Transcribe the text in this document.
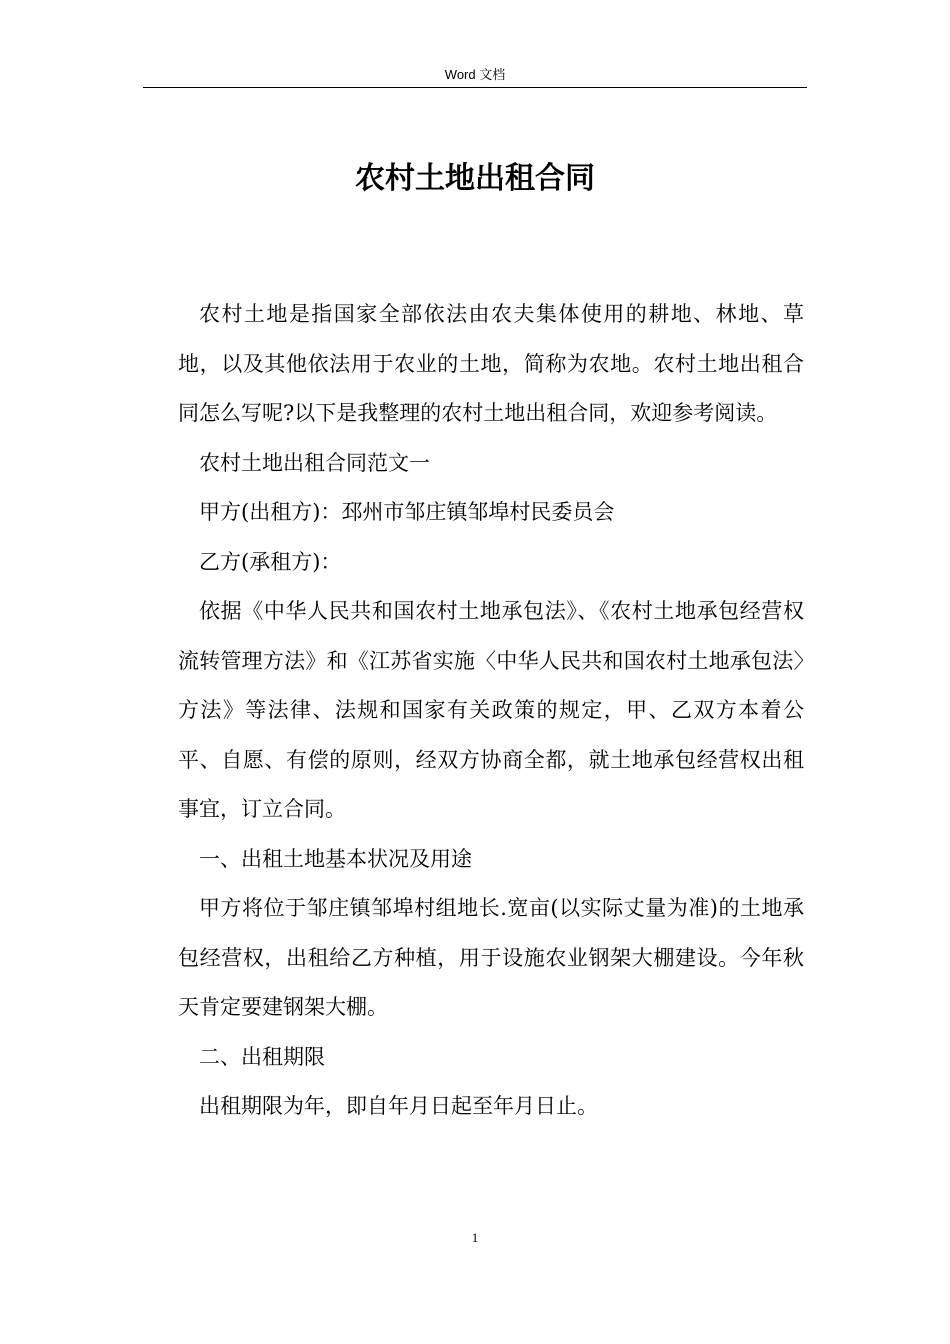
Word 文档
农村土地出租合同

农村土地是指国家全部依法由农夫集体使用的耕地、林地、草地，以及其他依法用于农业的土地，简称为农地。农村土地出租合同怎么写呢?以下是我整理的农村土地出租合同，欢迎参考阅读。

农村土地出租合同范文一

甲方(出租方)：邳州市邹庄镇邹埠村民委员会

乙方(承租方)：

依据《中华人民共和国农村土地承包法》、《农村土地承包经营权流转管理方法》和《江苏省实施〈中华人民共和国农村土地承包法〉方法》等法律、法规和国家有关政策的规定，甲、乙双方本着公平、自愿、有偿的原则，经双方协商全都，就土地承包经营权出租事宜，订立合同。

一、出租土地基本状况及用途

甲方将位于邹庄镇邹埠村组地长.宽亩(以实际丈量为准)的土地承包经营权，出租给乙方种植，用于设施农业钢架大棚建设。今年秋天肯定要建钢架大棚。

二、出租期限

出租期限为年，即自年月日起至年月日止。

1
